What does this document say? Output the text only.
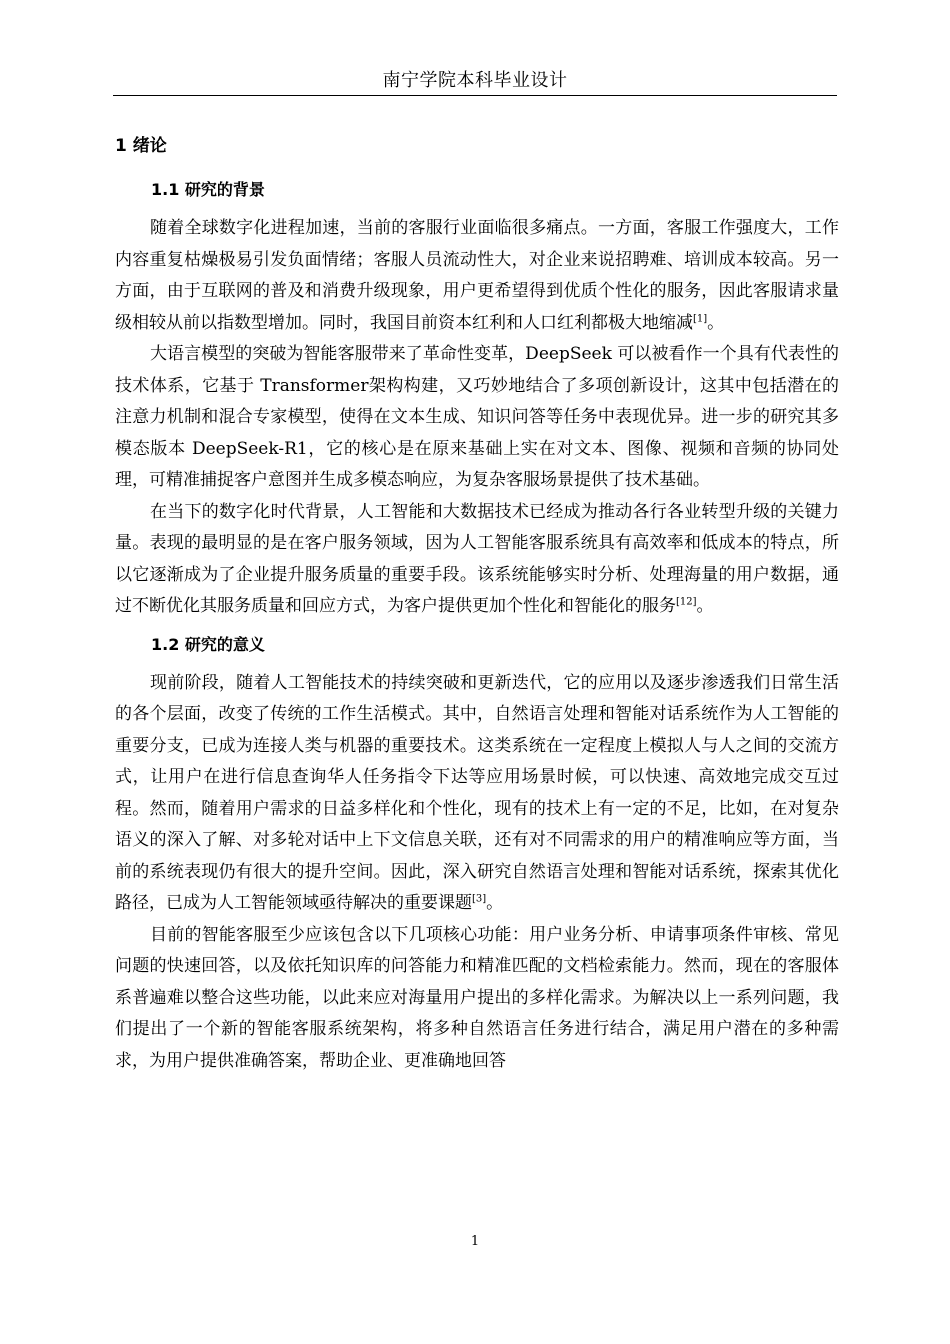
南宁学院本科毕业设计
1 绪论
1.1 研究的背景

随着全球数字化进程加速，当前的客服行业面临很多痛点。一方面，客服工作强度大，工作内容重复枯燥极易引发负面情绪；客服人员流动性大，对企业来说招聘难、培训成本较高。另一方面，由于互联网的普及和消费升级现象，用户更希望得到优质个性化的服务，因此客服请求量级相较从前以指数型增加。同时，我国目前资本红利和人口红利都极大地缩减[1]。

大语言模型的突破为智能客服带来了革命性变革，DeepSeek 可以被看作一个具有代表性的技术体系，它基于 Transformer架构构建，又巧妙地结合了多项创新设计，这其中包括潜在的注意力机制和混合专家模型，使得在文本生成、知识问答等任务中表现优异。进一步的研究其多模态版本 DeepSeek-R1，它的核心是在原来基础上实在对文本、图像、视频和音频的协同处理，可精准捕捉客户意图并生成多模态响应，为复杂客服场景提供了技术基础。

在当下的数字化时代背景，人工智能和大数据技术已经成为推动各行各业转型升级的关键力量。表现的最明显的是在客户服务领域，因为人工智能客服系统具有高效率和低成本的特点，所以它逐渐成为了企业提升服务质量的重要手段。该系统能够实时分析、处理海量的用户数据，通过不断优化其服务质量和回应方式，为客户提供更加个性化和智能化的服务[12]。

1.2 研究的意义

现前阶段，随着人工智能技术的持续突破和更新迭代，它的应用以及逐步渗透我们日常生活的各个层面，改变了传统的工作生活模式。其中，自然语言处理和智能对话系统作为人工智能的重要分支，已成为连接人类与机器的重要技术。这类系统在一定程度上模拟人与人之间的交流方式，让用户在进行信息查询华人任务指令下达等应用场景时候，可以快速、高效地完成交互过程。然而，随着用户需求的日益多样化和个性化，现有的技术上有一定的不足，比如，在对复杂语义的深入了解、对多轮对话中上下文信息关联，还有对不同需求的用户的精准响应等方面，当前的系统表现仍有很大的提升空间。因此，深入研究自然语言处理和智能对话系统，探索其优化路径，已成为人工智能领域亟待解决的重要课题[3]。

目前的智能客服至少应该包含以下几项核心功能：用户业务分析、申请事项条件审核、常见问题的快速回答，以及依托知识库的问答能力和精准匹配的文档检索能力。然而，现在的客服体系普遍难以整合这些功能，以此来应对海量用户提出的多样化需求。为解决以上一系列问题，我们提出了一个新的智能客服系统架构，将多种自然语言任务进行结合，满足用户潜在的多种需求，为用户提供准确答案，帮助企业、更准确地回答

1
